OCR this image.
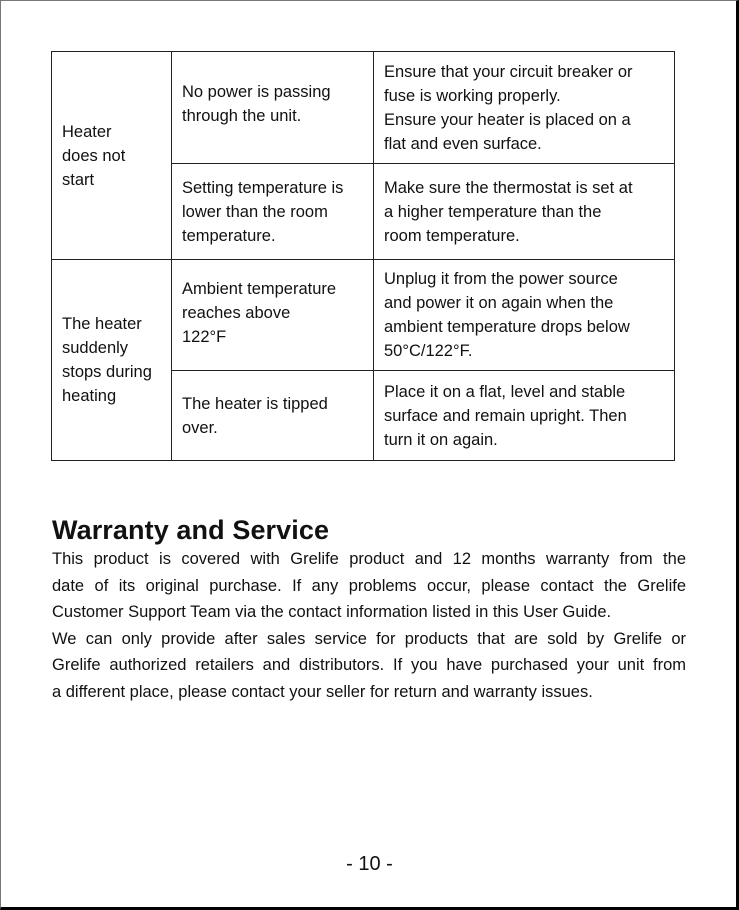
Heater
does not
start	No power is passing
through the unit.	Ensure that your circuit breaker or
fuse is working properly.
Ensure your heater is placed on a
flat and even surface.

	Setting temperature is
lower than the room
temperature.	Make sure the thermostat is set at
a higher temperature than the
room temperature.

The heater
suddenly
stops during
heating	Ambient temperature
reaches above
122°F	Unplug it from the power source
and power it on again when the
ambient temperature drops below
50°C/122°F.

	The heater is tipped
over.	Place it on a flat, level and stable
surface and remain upright. Then
turn it on again.
Warranty and Service
This product is covered with Grelife product and 12 months warranty from the
date of its original purchase. If any problems occur, please contact the Grelife
Customer Support Team via the contact information listed in this User Guide.
We can only provide after sales service for products that are sold by Grelife or
Grelife authorized retailers and distributors. If you have purchased your unit from
a different place, please contact your seller for return and warranty issues.
- 10 -
